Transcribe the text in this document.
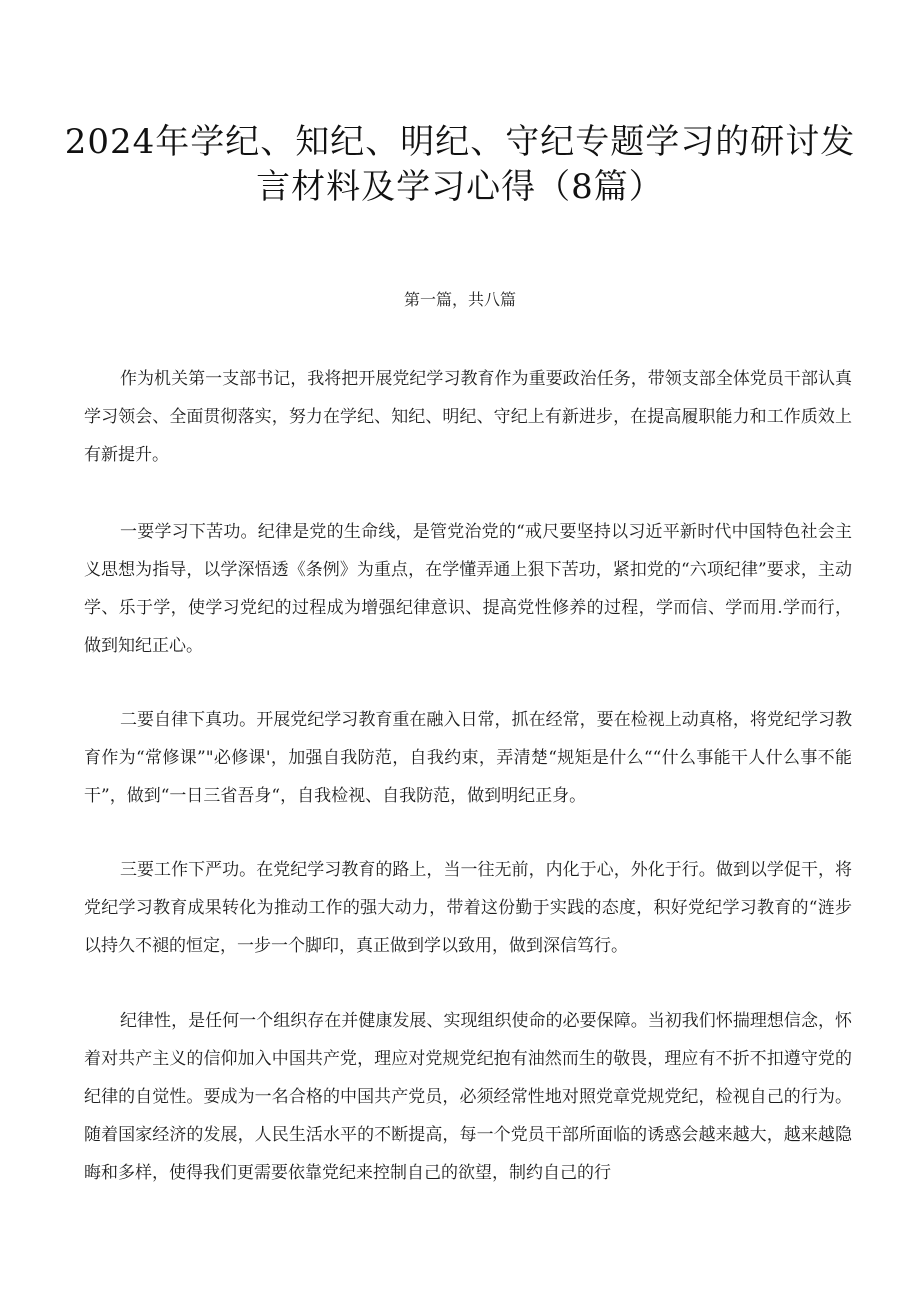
2024年学纪、知纪、明纪、守纪专题学习的研讨发
言材料及学习心得（8篇）
第一篇，共八篇

作为机关第一支部书记，我将把开展党纪学习教育作为重要政治任务，带领支部全体党员干部认真学习领会、全面贯彻落实，努力在学纪、知纪、明纪、守纪上有新进步，在提高履职能力和工作质效上有新提升。

一要学习下苦功。纪律是党的生命线，是管党治党的“戒尺要坚持以习近平新时代中国特色社会主义思想为指导，以学深悟透《条例》为重点，在学懂弄通上狠下苦功，紧扣党的“六项纪律”要求，主动学、乐于学，使学习党纪的过程成为增强纪律意识、提高党性修养的过程，学而信、学而用.学而行，做到知纪正心。

二要自律下真功。开展党纪学习教育重在融入日常，抓在经常，要在检视上动真格，将党纪学习教育作为“常修课”"必修课'，加强自我防范，自我约束，弄清楚“规矩是什么““什么事能干人什么事不能干”，做到“一日三省吾身“，自我检视、自我防范，做到明纪正身。

三要工作下严功。在党纪学习教育的路上，当一往无前，内化于心，外化于行。做到以学促干，将党纪学习教育成果转化为推动工作的强大动力，带着这份勤于实践的态度，积好党纪学习教育的“涟步以持久不褪的恒定，一步一个脚印，真正做到学以致用，做到深信笃行。

纪律性，是任何一个组织存在并健康发展、实现组织使命的必要保障。当初我们怀揣理想信念，怀着对共产主义的信仰加入中国共产党，理应对党规党纪抱有油然而生的敬畏，理应有不折不扣遵守党的纪律的自觉性。要成为一名合格的中国共产党员，必须经常性地对照党章党规党纪，检视自己的行为。随着国家经济的发展，人民生活水平的不断提高，每一个党员干部所面临的诱惑会越来越大，越来越隐晦和多样，使得我们更需要依靠党纪来控制自己的欲望，制约自己的行
